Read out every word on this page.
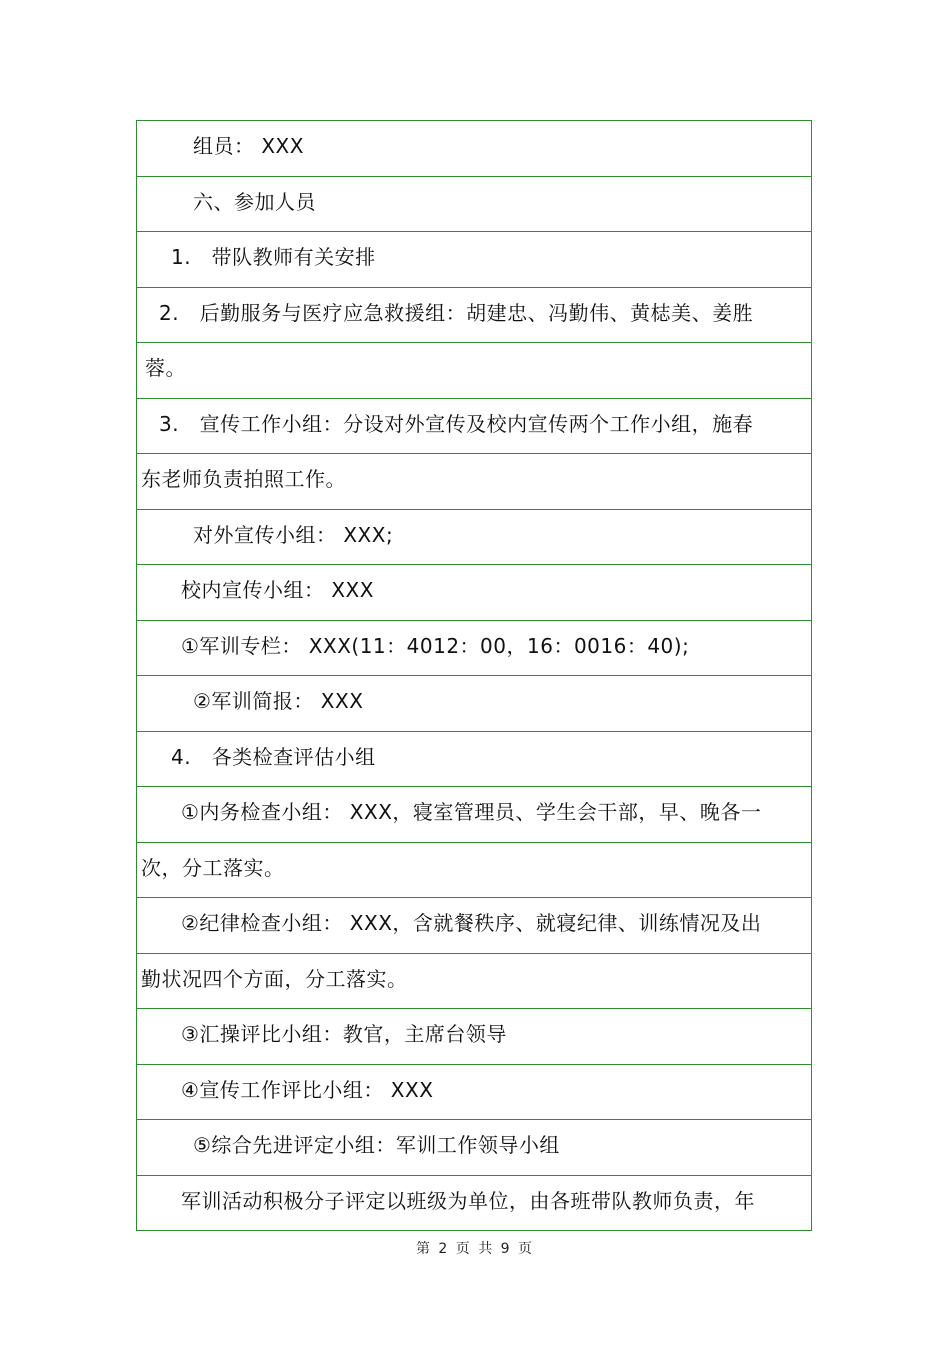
组员： XXX
六、参加人员
1.　带队教师有关安排
2.　后勤服务与医疗应急救援组：胡建忠、冯勤伟、黄梽美、姜胜
蓉。
3.　宣传工作小组：分设对外宣传及校内宣传两个工作小组，施春
东老师负责拍照工作。
对外宣传小组： XXX;
校内宣传小组： XXX
①军训专栏： XXX(11：4012：00，16：0016：40);
②军训简报： XXX
4.　各类检查评估小组
①内务检查小组： XXX，寝室管理员、学生会干部，早、晚各一
次，分工落实。
②纪律检查小组： XXX，含就餐秩序、就寝纪律、训练情况及出
勤状况四个方面，分工落实。
③汇操评比小组：教官，主席台领导
④宣传工作评比小组： XXX
⑤综合先进评定小组：军训工作领导小组
军训活动积极分子评定以班级为单位，由各班带队教师负责，年
第 2 页 共 9 页
